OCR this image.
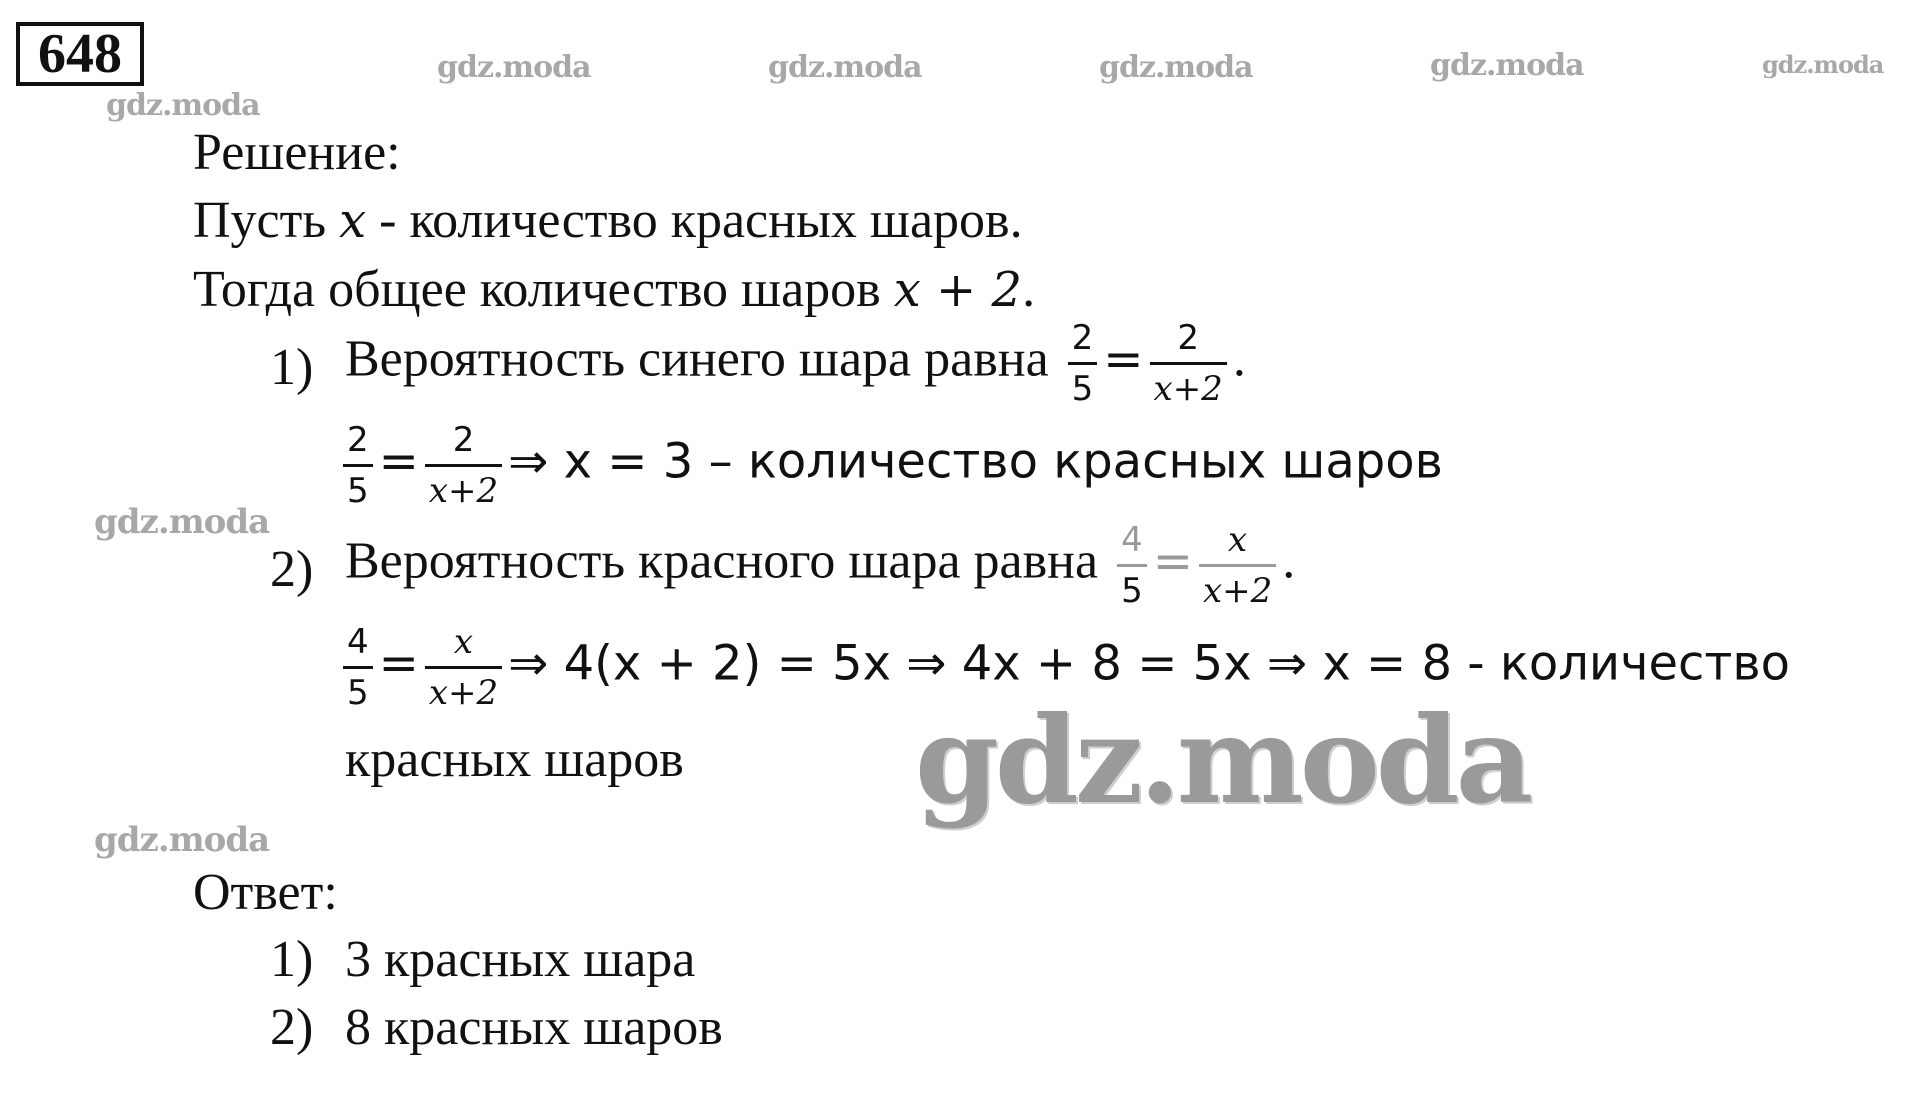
648	gdz.moda	gdz.moda	gdz.moda	gdz.moda	gdz.moda
gdz.moda
gdz.moda
gdz.moda
gdz.moda
Решение:
Пусть x - количество красных шаров.
Тогда общее количество шаров x + 2.
1) Вероятность синего шара равна $\frac{2}{5} = \frac{2}{x+2}$ .
$\frac{2}{5} = \frac{2}{x+2}$ ⇒ x = 3 – количество красных шаров
2) Вероятность красного шара равна $\frac{4}{5} = \frac{x}{x+2}$ .
$\frac{4}{5} = \frac{x}{x+2}$ ⇒ 4(x + 2) = 5x ⇒ 4x + 8 = 5x ⇒ x = 8 - количество
красных шаров
Ответ:
1) 3 красных шара
2) 8 красных шаров
